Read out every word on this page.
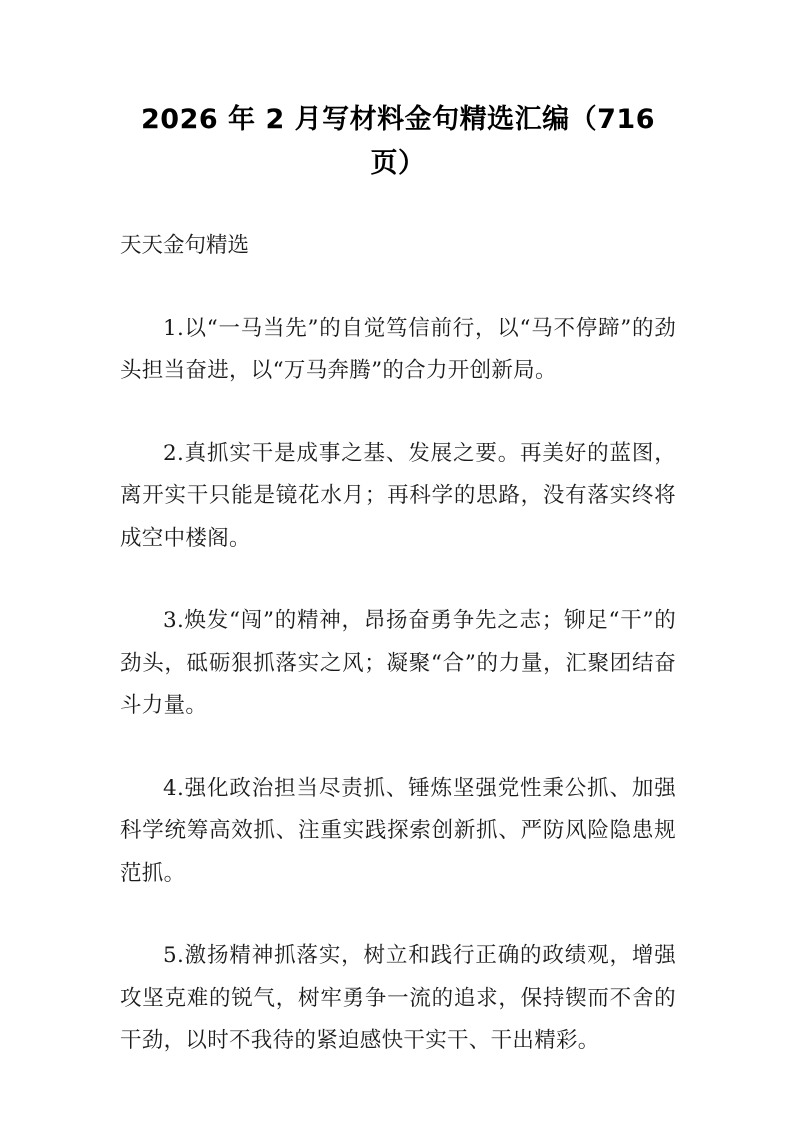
2026 年 2 月写材料金句精选汇编（716 页）

天天金句精选

1.以“一马当先”的自觉笃信前行，以“马不停蹄”的劲头担当奋进，以“万马奔腾”的合力开创新局。

2.真抓实干是成事之基、发展之要。再美好的蓝图，离开实干只能是镜花水月；再科学的思路，没有落实终将成空中楼阁。

3.焕发“闯”的精神，昂扬奋勇争先之志；铆足“干”的劲头，砥砺狠抓落实之风；凝聚“合”的力量，汇聚团结奋斗力量。

4.强化政治担当尽责抓、锤炼坚强党性秉公抓、加强科学统筹高效抓、注重实践探索创新抓、严防风险隐患规范抓。

5.激扬精神抓落实，树立和践行正确的政绩观，增强攻坚克难的锐气，树牢勇争一流的追求，保持锲而不舍的干劲，以时不我待的紧迫感快干实干、干出精彩。
